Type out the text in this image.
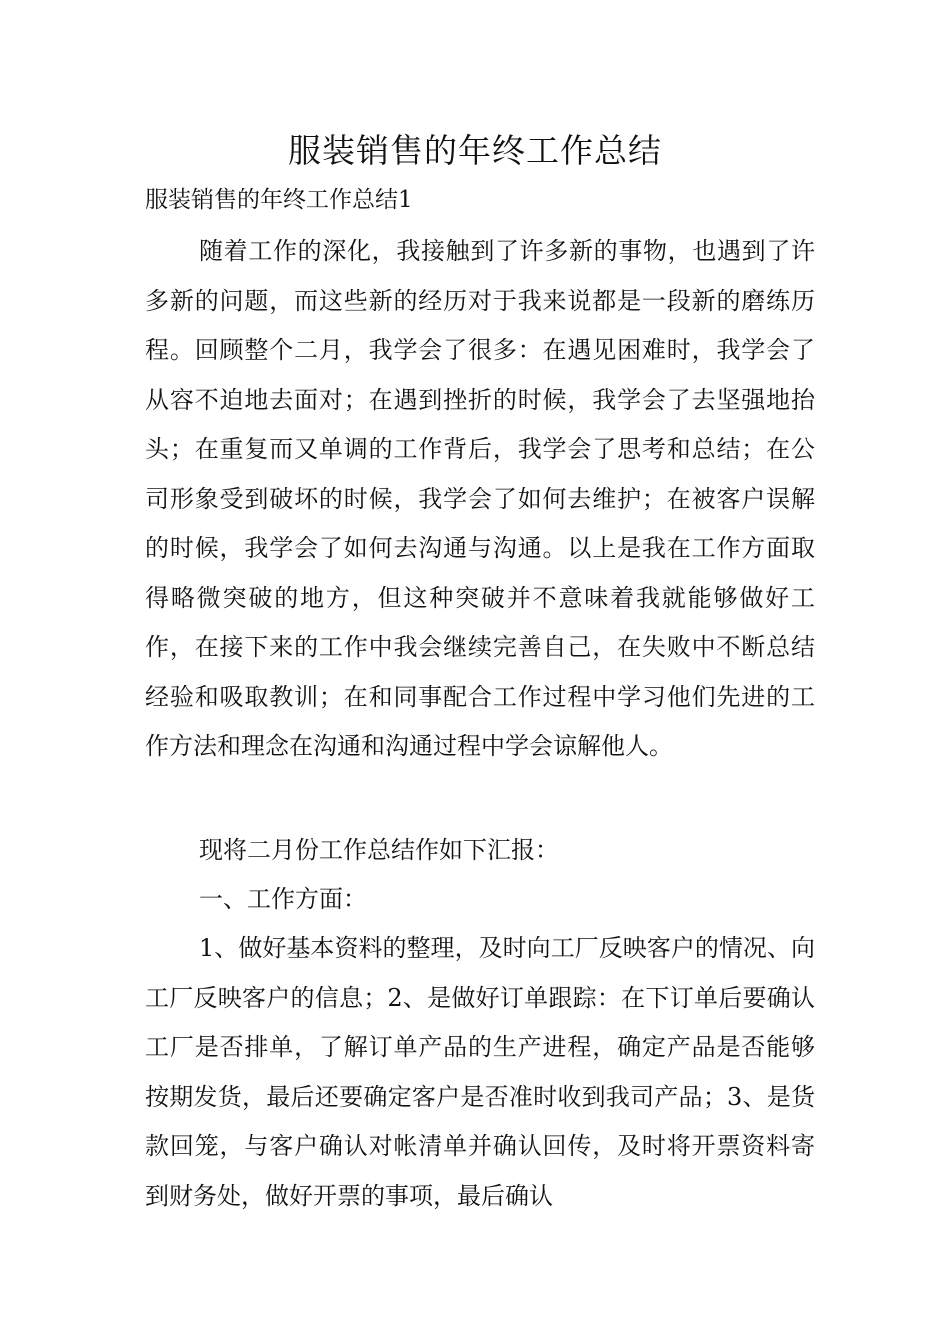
服装销售的年终工作总结

服装销售的年终工作总结1

随着工作的深化，我接触到了许多新的事物，也遇到了许多新的问题，而这些新的经历对于我来说都是一段新的磨练历程。回顾整个二月，我学会了很多：在遇见困难时，我学会了从容不迫地去面对；在遇到挫折的时候，我学会了去坚强地抬头；在重复而又单调的工作背后，我学会了思考和总结；在公司形象受到破坏的时候，我学会了如何去维护；在被客户误解的时候，我学会了如何去沟通与沟通。以上是我在工作方面取得略微突破的地方，但这种突破并不意味着我就能够做好工作，在接下来的工作中我会继续完善自己，在失败中不断总结经验和吸取教训；在和同事配合工作过程中学习他们先进的工作方法和理念在沟通和沟通过程中学会谅解他人。

现将二月份工作总结作如下汇报：

一、工作方面：

1、做好基本资料的整理，及时向工厂反映客户的情况、向工厂反映客户的信息；2、是做好订单跟踪：在下订单后要确认工厂是否排单，了解订单产品的生产进程，确定产品是否能够按期发货，最后还要确定客户是否准时收到我司产品；3、是货款回笼，与客户确认对帐清单并确认回传，及时将开票资料寄到财务处，做好开票的事项，最后确认
